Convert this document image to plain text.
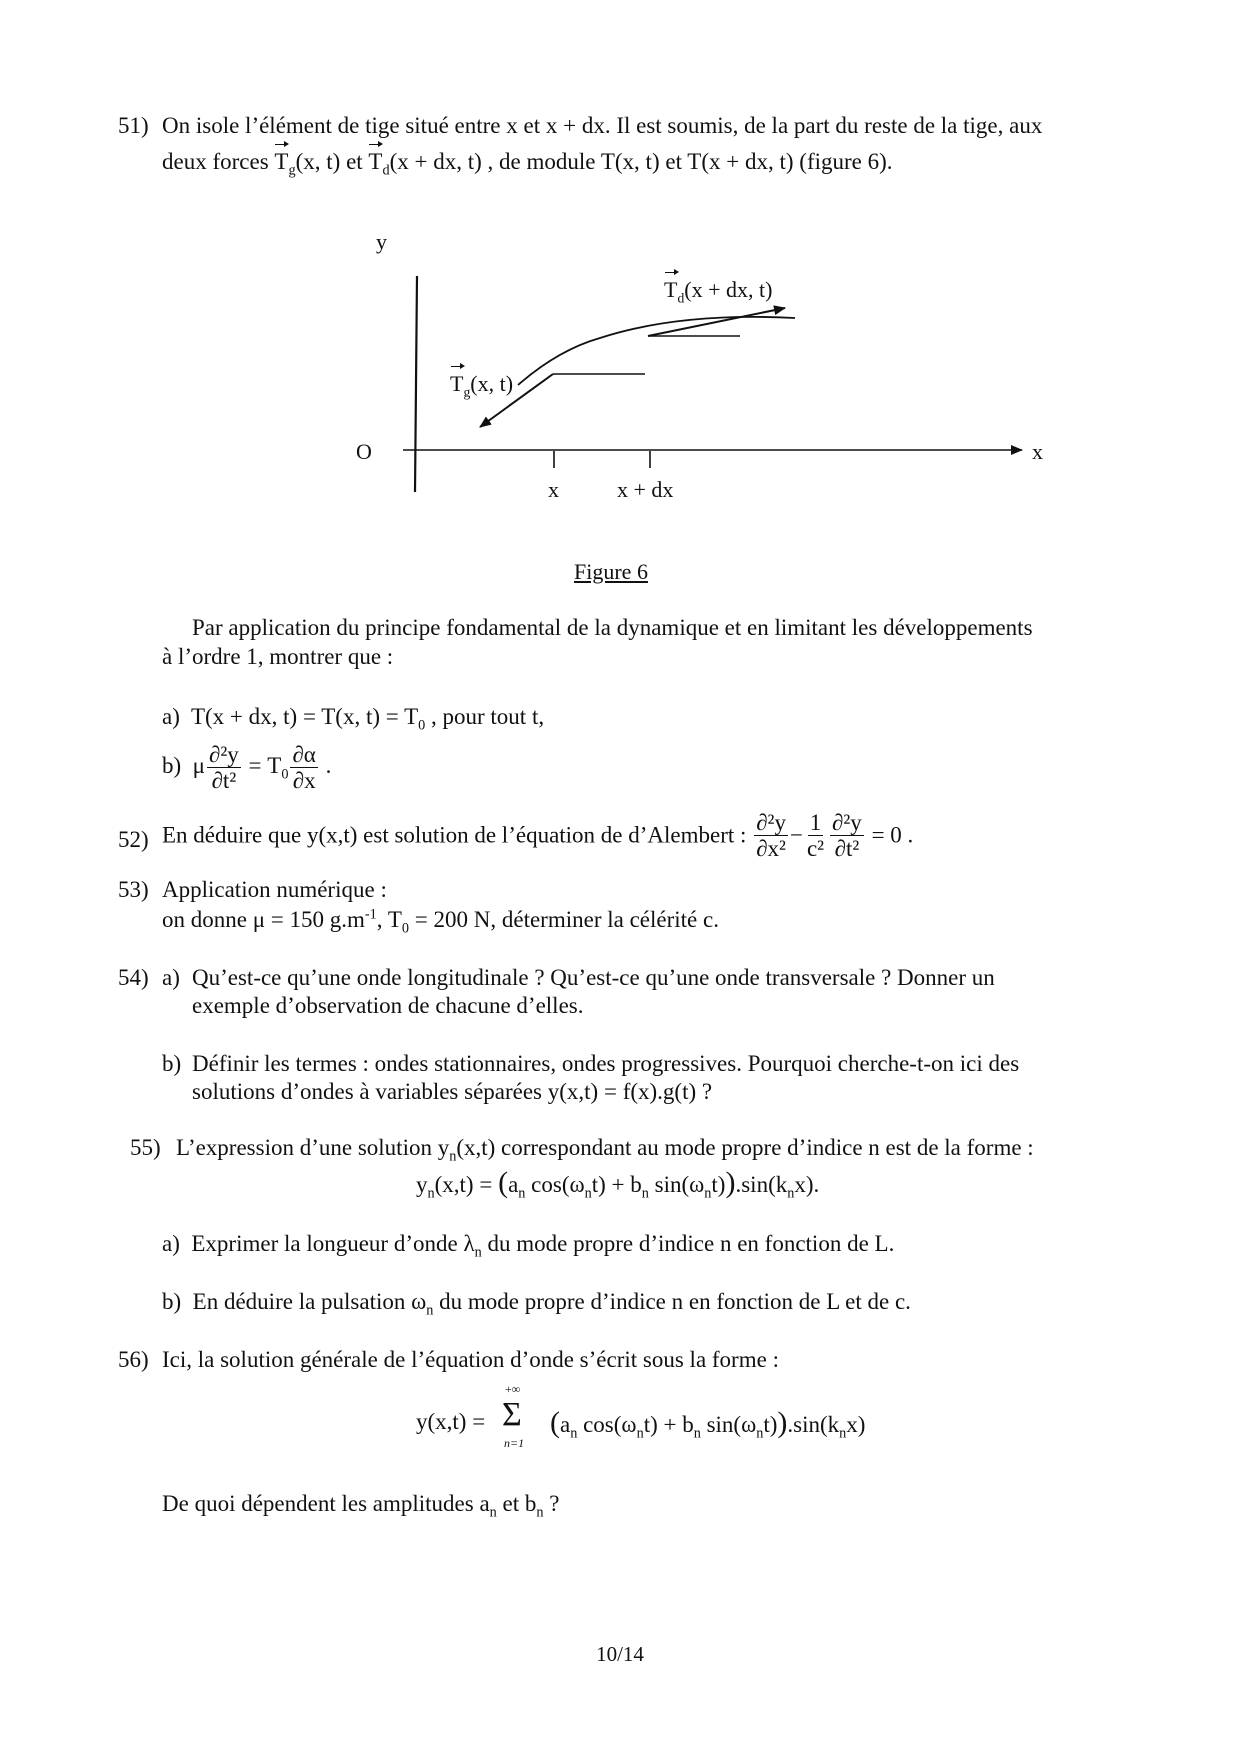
51) On isole l’élément de tige situé entre x et x + dx. Il est soumis, de la part du reste de la tige, aux
deux forces $T_g(x$, t) et $T_d(x$ + dx, t) , de module T(x, t) et T(x + dx, t) (figure 6).
y
x
O
x	x + dx
$T_d(x$ + dx, t)
$T_g(x$, t)
Figure 6
Par application du principe fondamental de la dynamique et en limitant les développements
à l’ordre 1, montrer que :
a) T(x + dx, t) = T(x, $t) = T_0$ , pour tout t,
b) μ $\frac{\text{∂²y}}{\text{∂t²}} = T_0 \frac{\partial\alpha}{\partial x}$ .
52) En déduire que y(x,t) est solution de l’équation de d’Alembert : $\frac{\text{∂²y}}{\text{∂x²}} - \frac{1}{\text{c²}} \frac{\text{∂²y}}{\text{∂t²}} = 0$ .
53) Application numérique :
on donne μ = 150 $g.m^{-1}$, $T_0 = 200$ N, déterminer la célérité c.
54) a) Qu’est-ce qu’une onde longitudinale ? Qu’est-ce qu’une onde transversale ? Donner un
exemple d’observation de chacune d’elles.
b) Définir les termes : ondes stationnaires, ondes progressives. Pourquoi cherche-t-on ici des
solutions d’ondes à variables séparées y(x,t) = f(x).g(t) ?
55) L’expression d’une solution $y_n(x,t)$ correspondant au mode propre d’indice n est de la forme :
$y_n(x,t) = (a_n$ $\cos(\omega_nt) + b_n$ $\sin(\omega_nt)).\sin(k_nx)$.
a) Exprimer la longueur d’onde $\lambda_n$ du mode propre d’indice n en fonction de L.
b) En déduire la pulsation $\omega_n$ du mode propre d’indice n en fonction de L et de c.
56) Ici, la solution générale de l’équation d’onde s’écrit sous la forme :
y(x,t) =
+∞
Σ
n=1
($a_n$ $\cos(\omega_nt) + b_n$ $\sin(\omega_nt)).\sin(k_nx)$
De quoi dépendent les amplitudes $a_n$ et $b_n$ ?
10/14
